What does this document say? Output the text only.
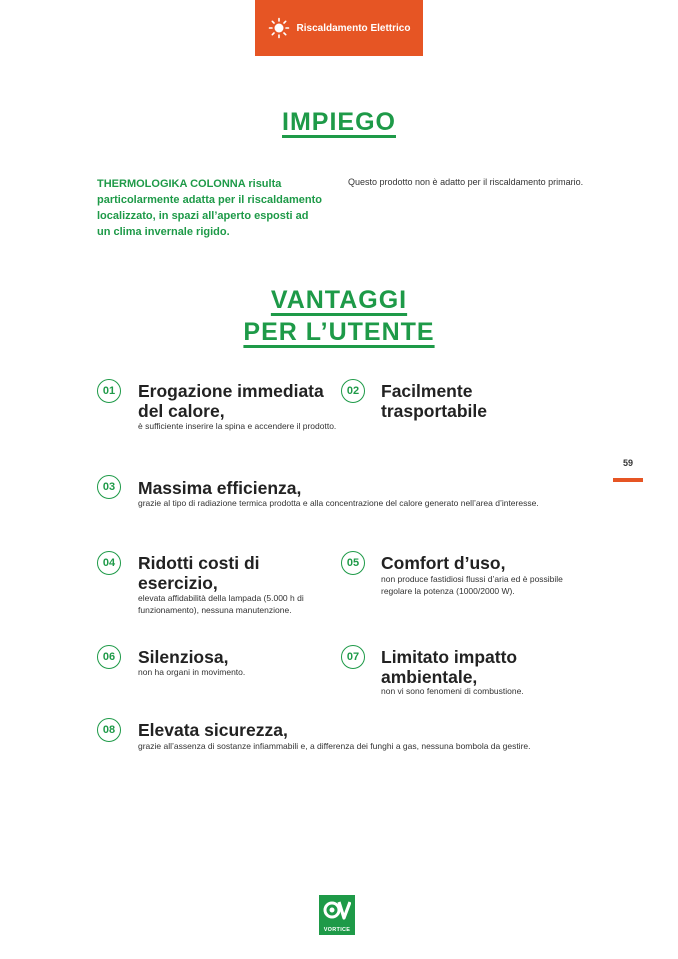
Riscaldamento Elettrico
IMPIEGO
THERMOLOGIKA COLONNA risulta particolarmente adatta per il riscaldamento localizzato, in spazi all’aperto esposti ad un clima invernale rigido.
Questo prodotto non è adatto per il riscaldamento primario.
VANTAGGI
PER L’UTENTE
01	Erogazione immediata del calore,
è sufficiente inserire la spina e accendere il prodotto.
02	Facilmente trasportabile
03	Massima efficienza,
grazie al tipo di radiazione termica prodotta e alla concentrazione del calore generato nell’area d’interesse.
04	Ridotti costi di esercizio,
elevata affidabilità della lampada (5.000 h di funzionamento), nessuna manutenzione.
05	Comfort d’uso,
non produce fastidiosi flussi d’aria ed è possibile regolare la potenza (1000/2000 W).
06	Silenziosa,
non ha organi in movimento.
07	Limitato impatto ambientale,
non vi sono fenomeni di combustione.
08	Elevata sicurezza,
grazie all’assenza di sostanze infiammabili e, a differenza dei funghi a gas, nessuna bombola da gestire.
59
VORTICE
